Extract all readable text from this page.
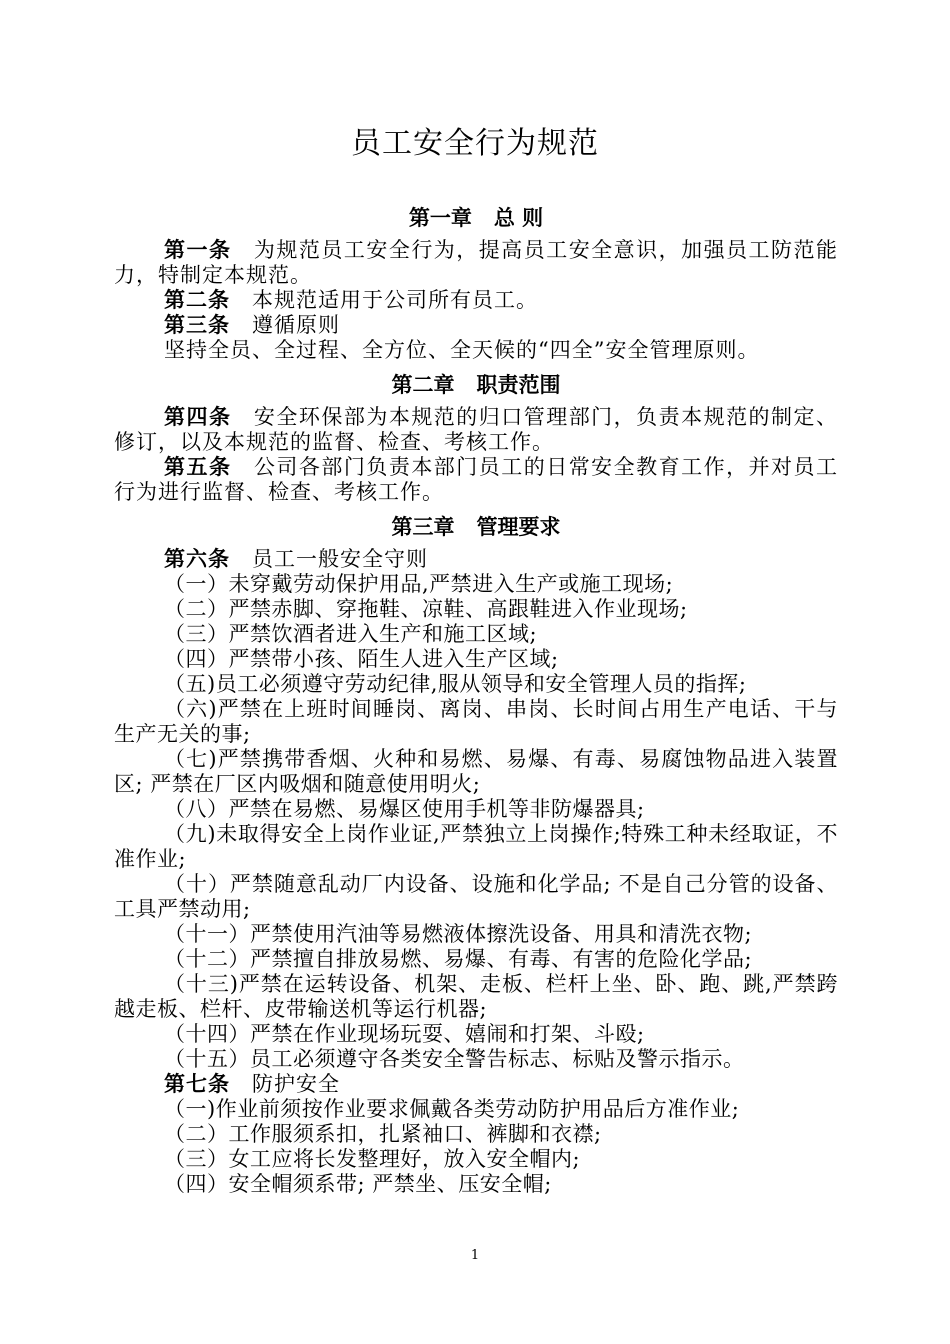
员工安全行为规范
第一章 总 则

第一条 为规范员工安全行为，提高员工安全意识，加强员工防范能力，特制定本规范。

第二条 本规范适用于公司所有员工。

第三条 遵循原则

坚持全员、全过程、全方位、全天候的“四全”安全管理原则。

第二章 职责范围

第四条 安全环保部为本规范的归口管理部门，负责本规范的制定、修订，以及本规范的监督、检查、考核工作。

第五条 公司各部门负责本部门员工的日常安全教育工作，并对员工行为进行监督、检查、考核工作。

第三章 管理要求

第六条 员工一般安全守则

（一）未穿戴劳动保护用品,严禁进入生产或施工现场;

（二）严禁赤脚、穿拖鞋、凉鞋、高跟鞋进入作业现场;

（三）严禁饮酒者进入生产和施工区域;

（四）严禁带小孩、陌生人进入生产区域;

（五)员工必须遵守劳动纪律,服从领导和安全管理人员的指挥;

（六)严禁在上班时间睡岗、离岗、串岗、长时间占用生产电话、干与生产无关的事;

（七)严禁携带香烟、火种和易燃、易爆、有毒、易腐蚀物品进入装置区; 严禁在厂区内吸烟和随意使用明火;

（八）严禁在易燃、易爆区使用手机等非防爆器具;

（九)未取得安全上岗作业证,严禁独立上岗操作;特殊工种未经取证，不准作业;

（十）严禁随意乱动厂内设备、设施和化学品; 不是自己分管的设备、工具严禁动用;

（十一）严禁使用汽油等易燃液体擦洗设备、用具和清洗衣物;

（十二）严禁擅自排放易燃、易爆、有毒、有害的危险化学品;

（十三)严禁在运转设备、机架、走板、栏杆上坐、卧、跑、跳,严禁跨越走板、栏杆、皮带输送机等运行机器;

（十四）严禁在作业现场玩耍、嬉闹和打架、斗殴;

（十五）员工必须遵守各类安全警告标志、标贴及警示指示。

第七条 防护安全

（一)作业前须按作业要求佩戴各类劳动防护用品后方准作业;

（二）工作服须系扣，扎紧袖口、裤脚和衣襟;

（三）女工应将长发整理好，放入安全帽内;

（四）安全帽须系带; 严禁坐、压安全帽;

1
